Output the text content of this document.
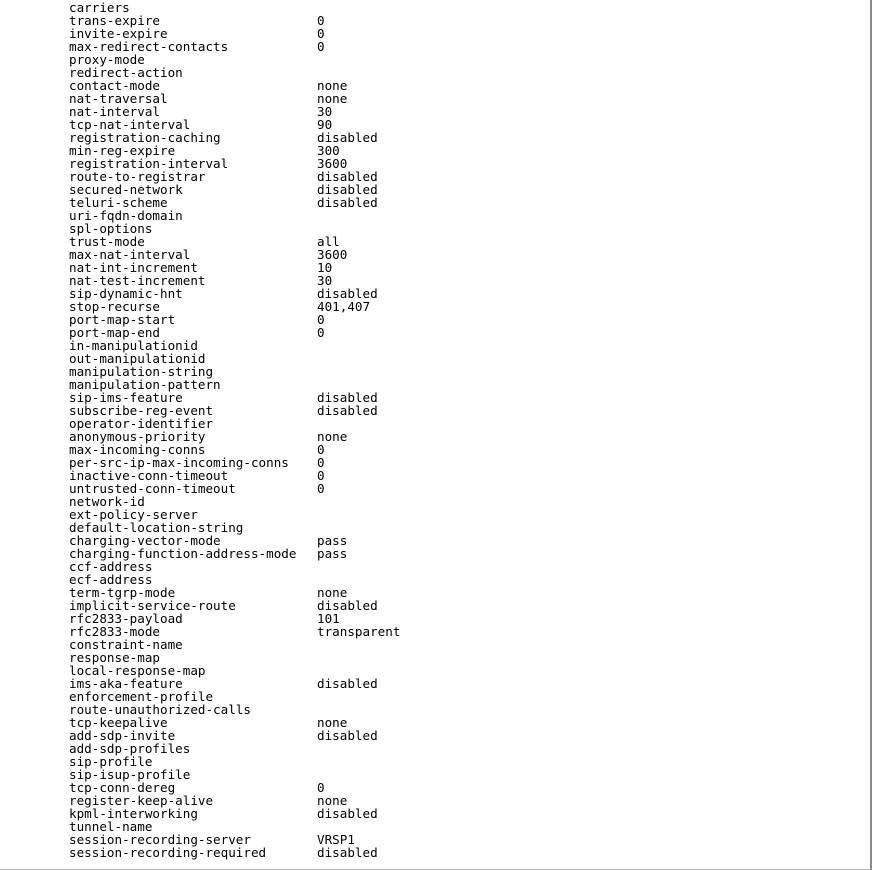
carriers
trans-expire	0
invite-expire	0
max-redirect-contacts	0
proxy-mode
redirect-action
contact-mode	none
nat-traversal	none
nat-interval	30
tcp-nat-interval	90
registration-caching	disabled
min-reg-expire	300
registration-interval	3600
route-to-registrar	disabled
secured-network	disabled
teluri-scheme	disabled
uri-fqdn-domain
spl-options
trust-mode	all
max-nat-interval	3600
nat-int-increment	10
nat-test-increment	30
sip-dynamic-hnt	disabled
stop-recurse	401,407
port-map-start	0
port-map-end	0
in-manipulationid
out-manipulationid
manipulation-string
manipulation-pattern
sip-ims-feature	disabled
subscribe-reg-event	disabled
operator-identifier
anonymous-priority	none
max-incoming-conns	0
per-src-ip-max-incoming-conns 0
inactive-conn-timeout	0
untrusted-conn-timeout	0
network-id
ext-policy-server
default-location-string
charging-vector-mode	pass
charging-function-address-mode pass
ccf-address
ecf-address
term-tgrp-mode	none
implicit-service-route	disabled
rfc2833-payload	101
rfc2833-mode	transparent
constraint-name
response-map
local-response-map
ims-aka-feature	disabled
enforcement-profile
route-unauthorized-calls
tcp-keepalive	none
add-sdp-invite	disabled
add-sdp-profiles
sip-profile
sip-isup-profile
tcp-conn-dereg	0
register-keep-alive	none
kpml-interworking	disabled
tunnel-name
session-recording-server	VRSP1
session-recording-required	disabled
